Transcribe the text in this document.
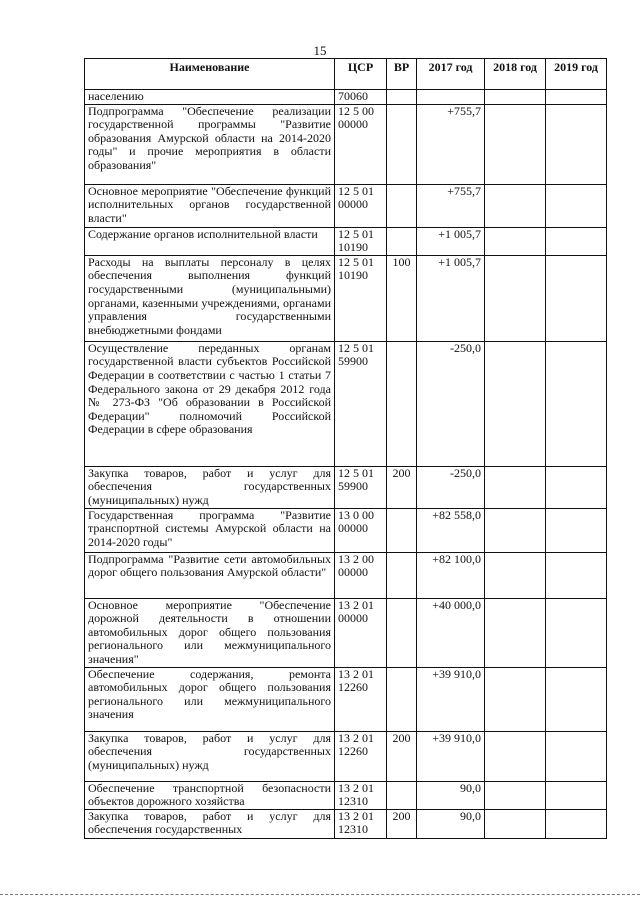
15
Наименование	ЦСР	ВР	2017 год	2018 год	2019 год
населению	70060				
Подпрограмма "Обеспечение реализации государственной программы "Развитие образования Амурской области на 2014-2020 годы" и прочие мероприятия в области образования"	12 5 00 00000		+755,7		
Основное мероприятие "Обеспечение функций исполнительных органов государственной власти"	12 5 01 00000		+755,7		
Содержание органов исполнительной власти	12 5 01 10190		+1 005,7		
Расходы на выплаты персоналу в целях обеспечения выполнения функций государственными (муниципальными) органами, казенными учреждениями, органами управления государственными внебюджетными фондами	12 5 01 10190	100	+1 005,7		
Осуществление переданных органам государственной власти субъектов Российской Федерации в соответствии с частью 1 статьи 7 Федерального закона от 29 декабря 2012 года № 273-ФЗ "Об образовании в Российской Федерации" полномочий Российской Федерации в сфере образования	12 5 01 59900		-250,0		
Закупка товаров, работ и услуг для обеспечения государственных (муниципальных) нужд	12 5 01 59900	200	-250,0		
Государственная программа "Развитие транспортной системы Амурской области на 2014-2020 годы"	13 0 00 00000		+82 558,0		
Подпрограмма "Развитие сети автомобильных дорог общего пользования Амурской области"	13 2 00 00000		+82 100,0		
Основное мероприятие "Обеспечение дорожной деятельности в отношении автомобильных дорог общего пользования регионального или межмуниципального значения"	13 2 01 00000		+40 000,0		
Обеспечение содержания, ремонта автомобильных дорог общего пользования регионального или межмуниципального значения	13 2 01 12260		+39 910,0		
Закупка товаров, работ и услуг для обеспечения государственных (муниципальных) нужд	13 2 01 12260	200	+39 910,0		
Обеспечение транспортной безопасности объектов дорожного хозяйства	13 2 01 12310		90,0		
Закупка товаров, работ и услуг для обеспечения государственных	13 2 01 12310	200	90,0		
